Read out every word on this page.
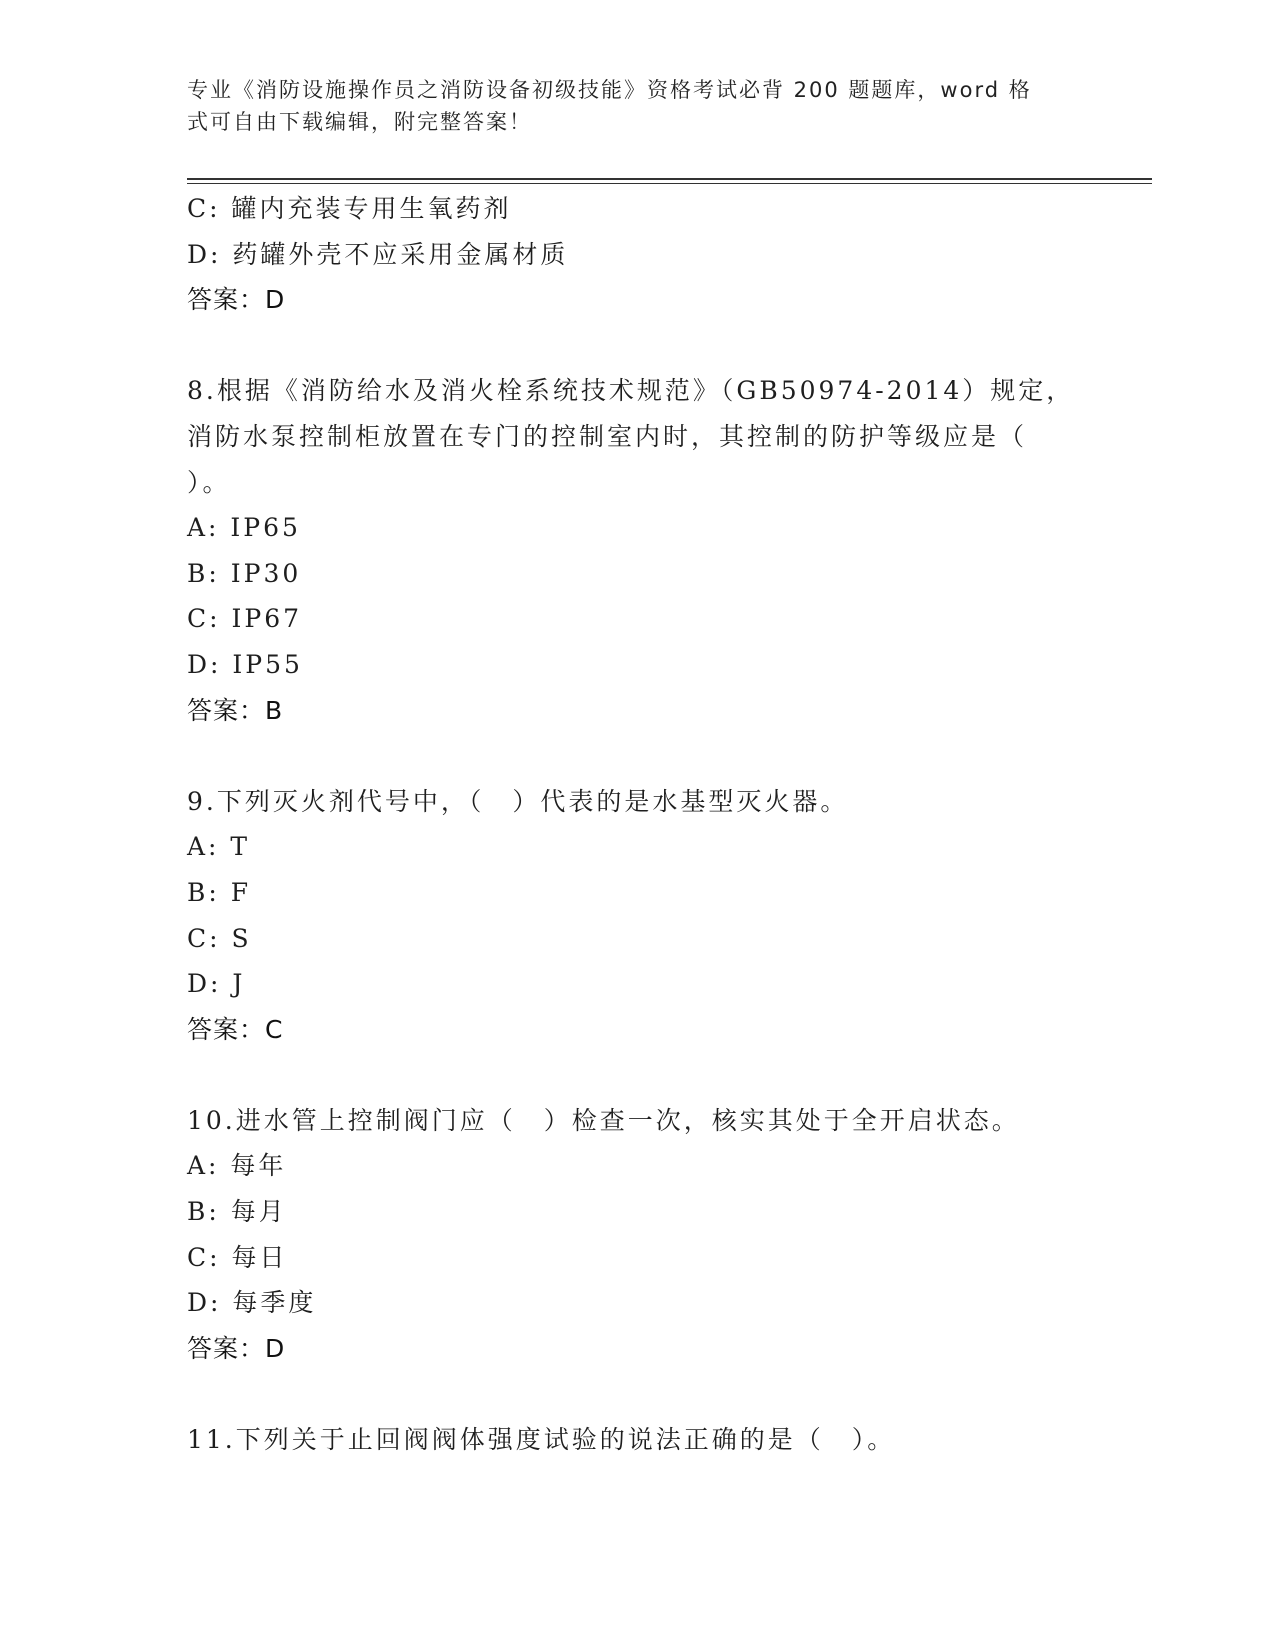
专业《消防设施操作员之消防设备初级技能》资格考试必背 200 题题库，word 格
式可自由下载编辑，附完整答案！
C: 罐内充装专用生氧药剂
D: 药罐外壳不应采用金属材质
答案：D
8.根据《消防给水及消火栓系统技术规范》（GB50974-2014）规定，
消防水泵控制柜放置在专门的控制室内时，其控制的防护等级应是（
）。
A: IP65
B: IP30
C: IP67
D: IP55
答案：B
9.下列灭火剂代号中，（　）代表的是水基型灭火器。
A: T
B: F
C: S
D: J
答案：C
10.进水管上控制阀门应（　）检查一次，核实其处于全开启状态。
A: 每年
B: 每月
C: 每日
D: 每季度
答案：D
11.下列关于止回阀阀体强度试验的说法正确的是（　）。
